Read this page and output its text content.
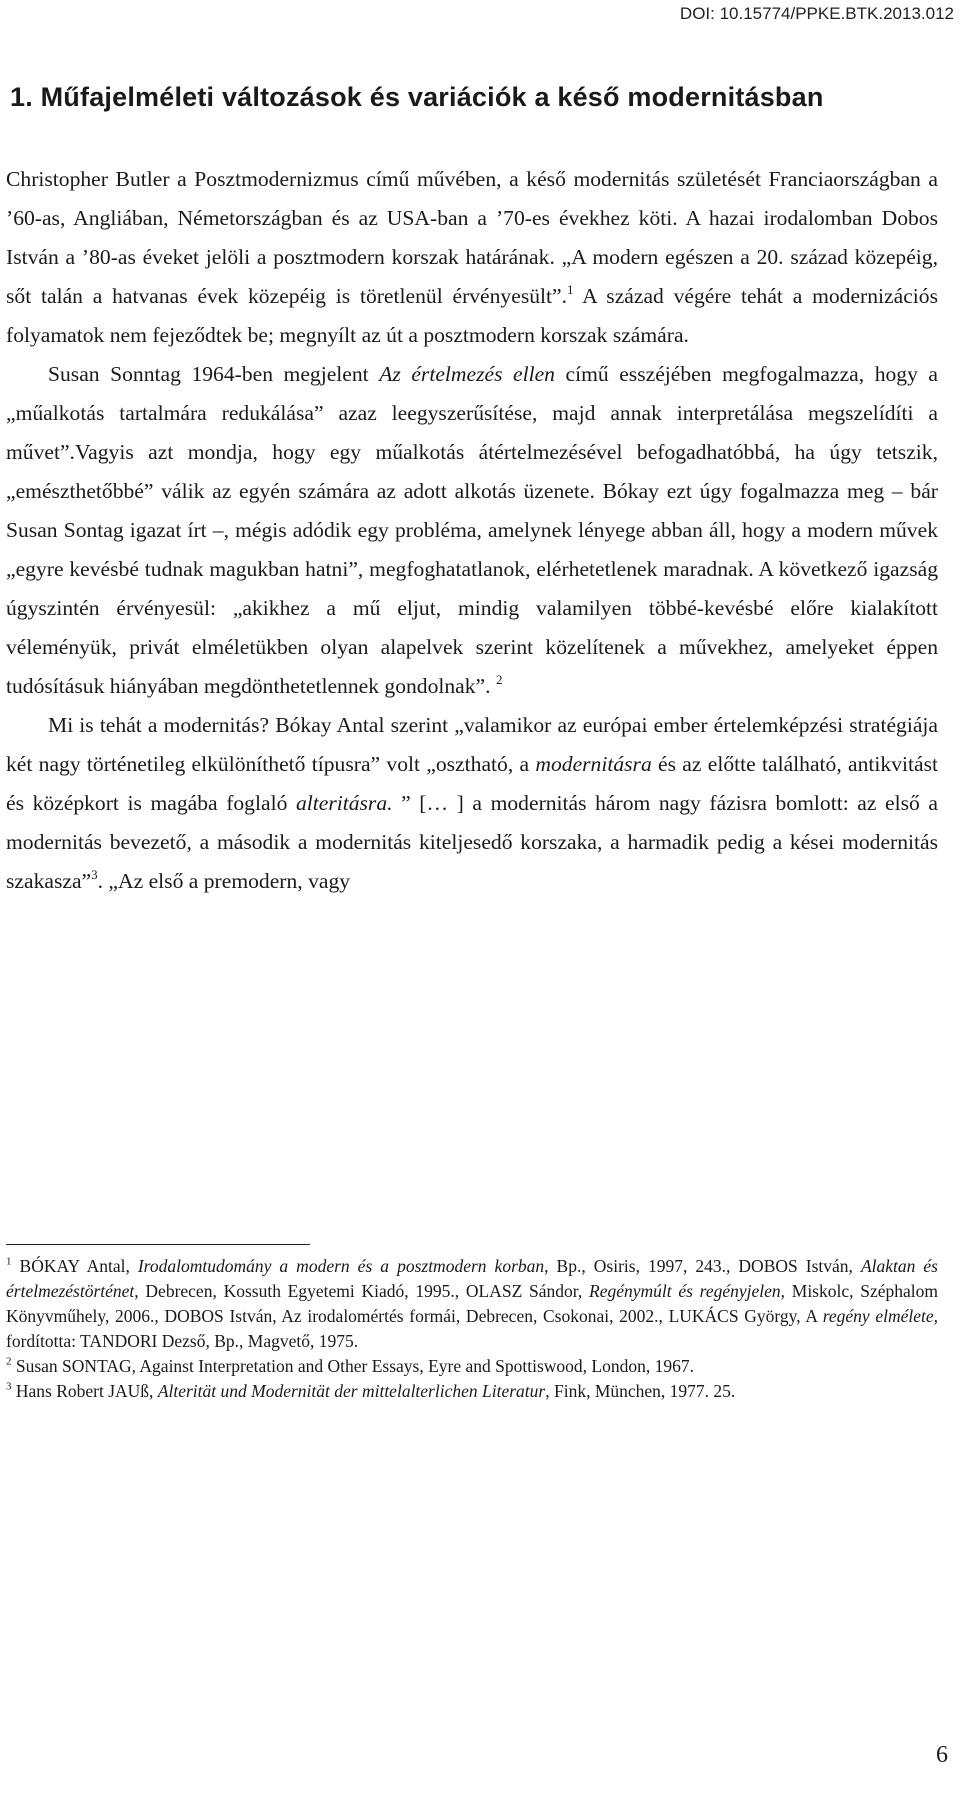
DOI: 10.15774/PPKE.BTK.2013.012
1. Műfajelméleti változások és variációk a késő modernitásban

Christopher Butler a Posztmodernizmus című művében, a késő modernitás születését Franciaországban a ’60-as, Angliában, Németországban és az USA-ban a ’70-es évekhez köti. A hazai irodalomban Dobos István a ’80-as éveket jelöli a posztmodern korszak határának. „A modern egészen a 20. század közepéig, sőt talán a hatvanas évek közepéig is töretlenül érvényesült”.$^1$ A század végére tehát a modernizációs folyamatok nem fejeződtek be; megnyílt az út a posztmodern korszak számára.

Susan Sonntag 1964-ben megjelent Az értelmezés ellen című esszéjében megfogalmazza, hogy a „műalkotás tartalmára redukálása” azaz leegyszerűsítése, majd annak interpretálása megszelídíti a művet”.Vagyis azt mondja, hogy egy műalkotás átértelmezésével befogadhatóbbá, ha úgy tetszik, „emészthetőbbé” válik az egyén számára az adott alkotás üzenete. Bókay ezt úgy fogalmazza meg – bár Susan Sontag igazat írt –, mégis adódik egy probléma, amelynek lényege abban áll, hogy a modern művek „egyre kevésbé tudnak magukban hatni”, megfoghatatlanok, elérhetetlenek maradnak. A következő igazság úgyszintén érvényesül: „akikhez a mű eljut, mindig valamilyen többé-kevésbé előre kialakított véleményük, privát elméletükben olyan alapelvek szerint közelítenek a művekhez, amelyeket éppen tudósításuk hiányában megdönthetetlennek gondolnak”. $^2$

Mi is tehát a modernitás? Bókay Antal szerint „valamikor az európai ember értelemképzési stratégiája két nagy történetileg elkülöníthető típusra” volt „osztható, a modernitásra és az előtte található, antikvitást és középkort is magába foglaló alteritásra. ” [… ] a modernitás három nagy fázisra bomlott: az első a modernitás bevezető, a második a modernitás kiteljesedő korszaka, a harmadik pedig a kései modernitás szakasza”$^3$. „Az első a premodern, vagy

$^1$ BÓKAY Antal, Irodalomtudomány a modern és a posztmodern korban, Bp., Osiris, 1997, 243., DOBOS István, Alaktan és értelmezéstörténet, Debrecen, Kossuth Egyetemi Kiadó, 1995., OLASZ Sándor, Regénymúlt és regényjelen, Miskolc, Széphalom Könyvműhely, 2006., DOBOS István, Az irodalomértés formái, Debrecen, Csokonai, 2002., LUKÁCS György, A regény elmélete, fordította: TANDORI Dezső, Bp., Magvető, 1975.

$^2$ Susan SONTAG, Against Interpretation and Other Essays, Eyre and Spottiswood, London, 1967.

$^3$ Hans Robert JAUß, Alterität und Modernität der mittelalterlichen Literatur, Fink, München, 1977. 25.

6
